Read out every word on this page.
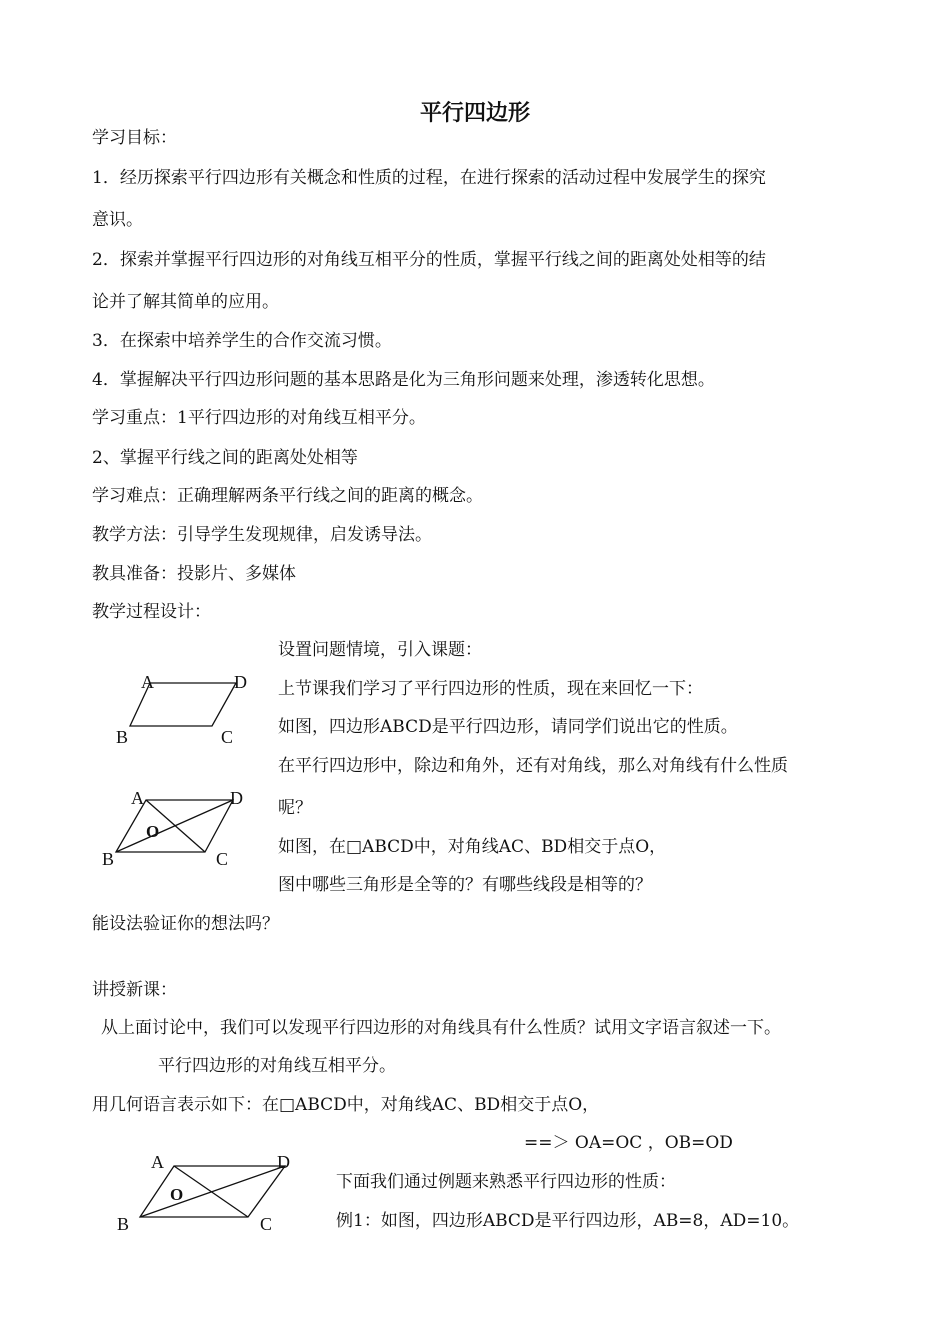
平行四边形
学习目标：
1．经历探索平行四边形有关概念和性质的过程，在进行探索的活动过程中发展学生的探究
意识。
2．探索并掌握平行四边形的对角线互相平分的性质，掌握平行线之间的距离处处相等的结
论并了解其简单的应用。
3．在探索中培养学生的合作交流习惯。
4．掌握解决平行四边形问题的基本思路是化为三角形问题来处理，渗透转化思想。
学习重点：1平行四边形的对角线互相平分。
2、掌握平行线之间的距离处处相等
学习难点：正确理解两条平行线之间的距离的概念。
教学方法：引导学生发现规律，启发诱导法。
教具准备：投影片、多媒体
教学过程设计：
A	D
B	C
设置问题情境，引入课题：
上节课我们学习了平行四边形的性质，现在来回忆一下：
如图，四边形ABCD是平行四边形，请同学们说出它的性质。
在平行四边形中，除边和角外，还有对角线，那么对角线有什么性质
呢？
A	D
O
B	C
如图，在□ABCD中，对角线AC、BD相交于点O，
图中哪些三角形是全等的？有哪些线段是相等的？
能设法验证你的想法吗？
讲授新课：
从上面讨论中，我们可以发现平行四边形的对角线具有什么性质？试用文字语言叙述一下。
平行四边形的对角线互相平分。
用几何语言表示如下：在□ABCD中，对角线AC、BD相交于点O，
==＞ OA=OC ，OB=OD
A	D
O
B	C
下面我们通过例题来熟悉平行四边形的性质：
例1：如图，四边形ABCD是平行四边形，AB=8，AD=10。
